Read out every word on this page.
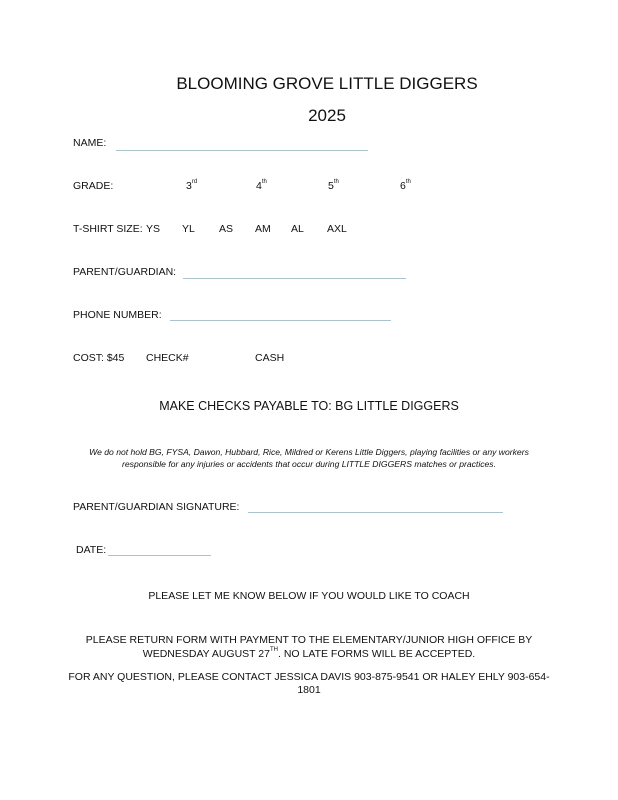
BLOOMING GROVE LITTLE DIGGERS
2025
NAME:
GRADE:	3rd	4th	5th	6th
T-SHIRT SIZE: YS YL AS AM AL AXL
PARENT/GUARDIAN:
PHONE NUMBER:
COST: $45 CHECK#	CASH
MAKE CHECKS PAYABLE TO: BG LITTLE DIGGERS
We do not hold BG, FYSA, Dawon, Hubbard, Rice, Mildred or Kerens Little Diggers, playing facilities or any workers
responsible for any injuries or accidents that occur during LITTLE DIGGERS matches or practices.
PARENT/GUARDIAN SIGNATURE:
DATE:
PLEASE LET ME KNOW BELOW IF YOU WOULD LIKE TO COACH
PLEASE RETURN FORM WITH PAYMENT TO THE ELEMENTARY/JUNIOR HIGH OFFICE BY
WEDNESDAY AUGUST 27TH. NO LATE FORMS WILL BE ACCEPTED.
FOR ANY QUESTION, PLEASE CONTACT JESSICA DAVIS 903-875-9541 OR HALEY EHLY 903-654-
1801
